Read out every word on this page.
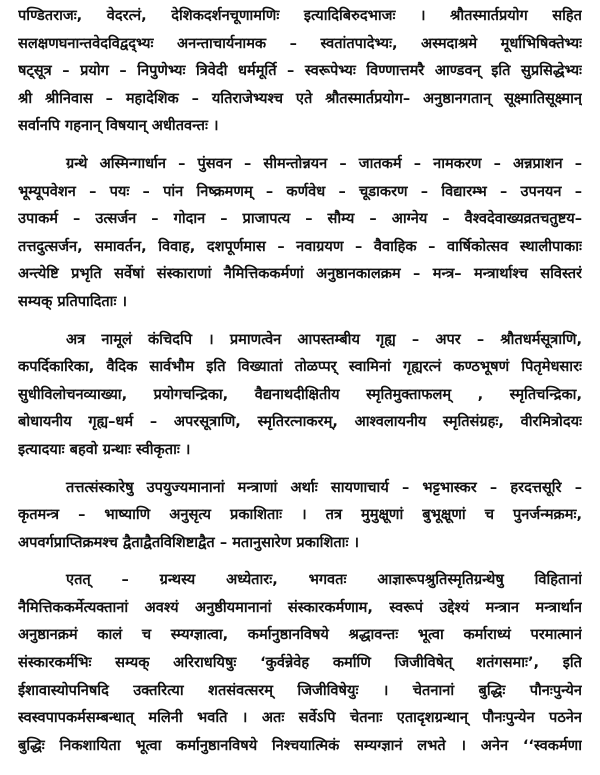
पण्डितराजः, वेदरत्नं, देशिकदर्शनचूणामणिः इत्यादिबिरुदभाजः । श्रौतस्मार्तप्रयोग सहित
सलक्षणघनान्तवेदविद्वद्भ्यः अनन्ताचार्यनामक – स्वतांतपादेभ्यः, अस्मदाश्रमे मूर्धाभिषिक्तेभ्यः
षट्सूत्र – प्रयोग – निपुणेभ्यः त्रिवेदी धर्ममूर्ति – स्वरूपेभ्यः विण्णात्तमरै आण्डवन् इति सुप्रसिद्धेभ्यः
श्री श्रीनिवास – महादेशिक – यतिराजेभ्यश्च एते श्रौतस्मार्तप्रयोग– अनुष्ठानगतान् सूक्ष्मातिसूक्ष्मान्
सर्वानपि गहनान् विषयान् अधीतवन्तः ।
ग्रन्थे अस्मिन्गार्धान – पुंसवन – सीमन्तोन्नयन – जातकर्म – नामकरण – अन्नप्राशन –
भूम्यूपवेशन – पयः – पांन निष्क्रमणम् – कर्णवेध – चूडाकरण – विद्यारम्भ – उपनयन –
उपाकर्म – उत्सर्जन – गोदान – प्राजापत्य – सौम्य – आग्नेय – वैश्वदेवाख्यव्रतचतुष्टय–
तत्तदुत्सर्जन, समावर्तन, विवाह, दशपूर्णमास – नवाग्रयण – वैवाहिक – वार्षिकोत्सव स्थालीपाकाः
अन्त्येष्टि प्रभृति सर्वेषां संस्काराणां नैमित्तिककर्मणां अनुष्ठानकालक्रम – मन्त्र– मन्त्रार्थाश्च सविस्तरं
सम्यक् प्रतिपादिताः ।
अत्र नामूलं कंचिदपि । प्रमाणत्वेन आपस्तम्बीय गृह्य – अपर – श्रौतधर्मसूत्राणि,
कपर्दिकारिका, वैदिक सार्वभौम इति विख्यातां तोळप्पर् स्वामिनां गृह्यरत्नं कण्ठभूषणं पितृमेधसारः
सुधीविलोचनव्याख्या, प्रयोगचन्द्रिका, वैद्यनाथदीक्षितीय स्मृतिमुक्ताफलम् , स्मृतिचन्द्रिका,
बोधायनीय गृह्य–धर्म – अपरसूत्राणि, स्मृतिरत्नाकरम्, आश्वलायनीय स्मृतिसंग्रहः, वीरमित्रोदयः
इत्यादयाः बहवो ग्रन्थाः स्वीकृताः ।
तत्तत्संस्कारेषु उपयुज्यमानानां मन्त्राणां अर्थाः सायणाचार्य – भट्टभास्कर – हरदत्तसूरि –
कृतमन्त्र – भाष्याणि अनुसृत्य प्रकाशिताः । तत्र मुमुक्षूणां बुभूक्षूणां च पुनर्जन्मक्रमः,
अपवर्गप्राप्तिक्रमश्च द्वैताद्वैतविशिष्टाद्वैत – मतानुसारेण प्रकाशिताः ।
एतत् – ग्रन्थस्य अध्येतारः, भगवतः आज्ञारूपश्रुतिस्मृतिग्रन्थेषु विहितानां
नैमित्तिककर्मेत्यक्तानां अवश्यं अनुष्ठीयमानानां संस्कारकर्मणाम, स्वरूपं उद्देश्यं मन्त्रान मन्त्रार्थान
अनुष्ठानक्रमं कालं च स्म्यग्ज्ञात्वा, कर्मानुष्ठानविषये श्रद्धावन्तः भूत्वा कर्माराध्यं परमात्मानं
संस्कारकर्मभिः सम्यक् अरिराधयिषुः ‘कुर्वन्नेवेह कर्माणि जिजीविषेत् शतंगसमाः’, इति
ईशावास्योपनिषदि उक्तरित्या शतसंवत्सरम् जिजीविषेयुः । चेतनानां बुद्धिः पौनःपुन्येन
स्वस्वपापकर्मसम्बन्धात् मलिनी भवति । अतः सर्वेऽपि चेतनाः एतादृशग्रन्थान् पौनःपुन्येन पठनेन
बुद्धिः निकशायिता भूत्वा कर्मानुष्ठानविषये निश्चयात्मिकं सम्यग्ज्ञानं लभते । अनेन ‘‘स्वकर्मणा
